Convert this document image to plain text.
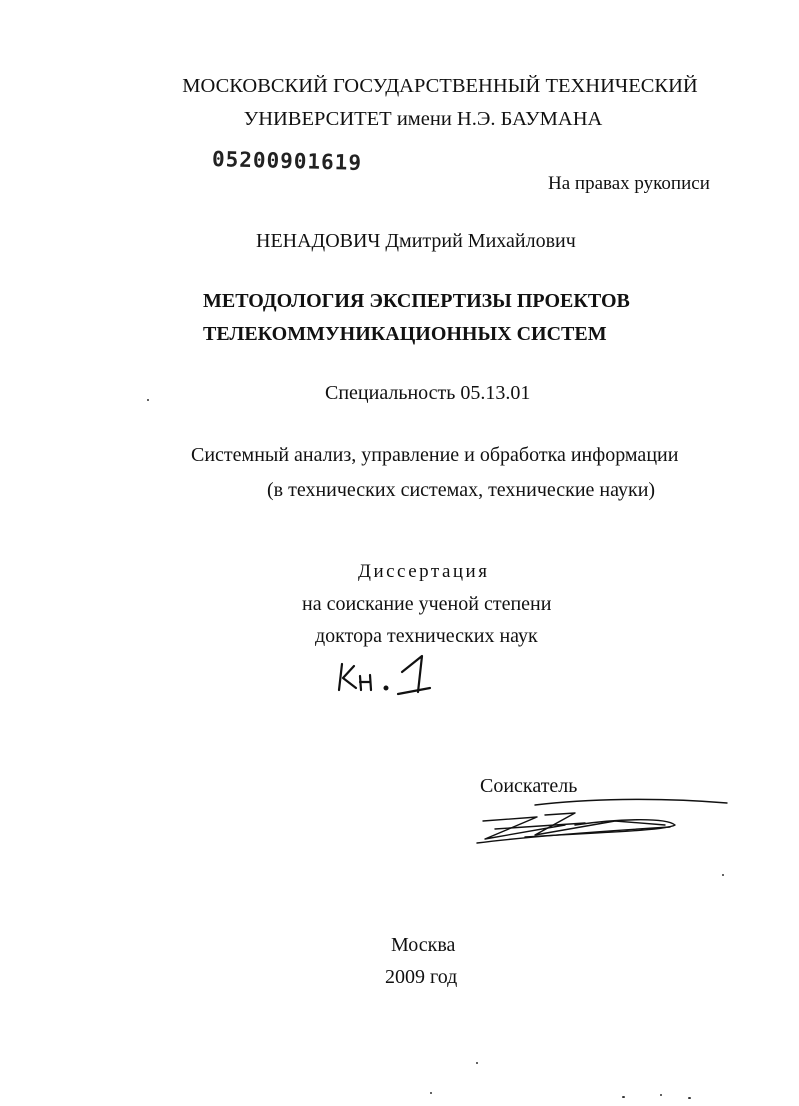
МОСКОВСКИЙ ГОСУДАРСТВЕННЫЙ ТЕХНИЧЕСКИЙ
УНИВЕРСИТЕТ имени Н.Э. БАУМАНА
05200901619
На правах рукописи
НЕНАДОВИЧ Дмитрий Михайлович
МЕТОДОЛОГИЯ ЭКСПЕРТИЗЫ ПРОЕКТОВ
ТЕЛЕКОММУНИКАЦИОННЫХ СИСТЕМ
Специальность 05.13.01
Системный анализ, управление и обработка информации
(в технических системах, технические науки)
Диссертация
на соискание ученой степени
доктора технических наук
Соискатель
Москва
2009 год
